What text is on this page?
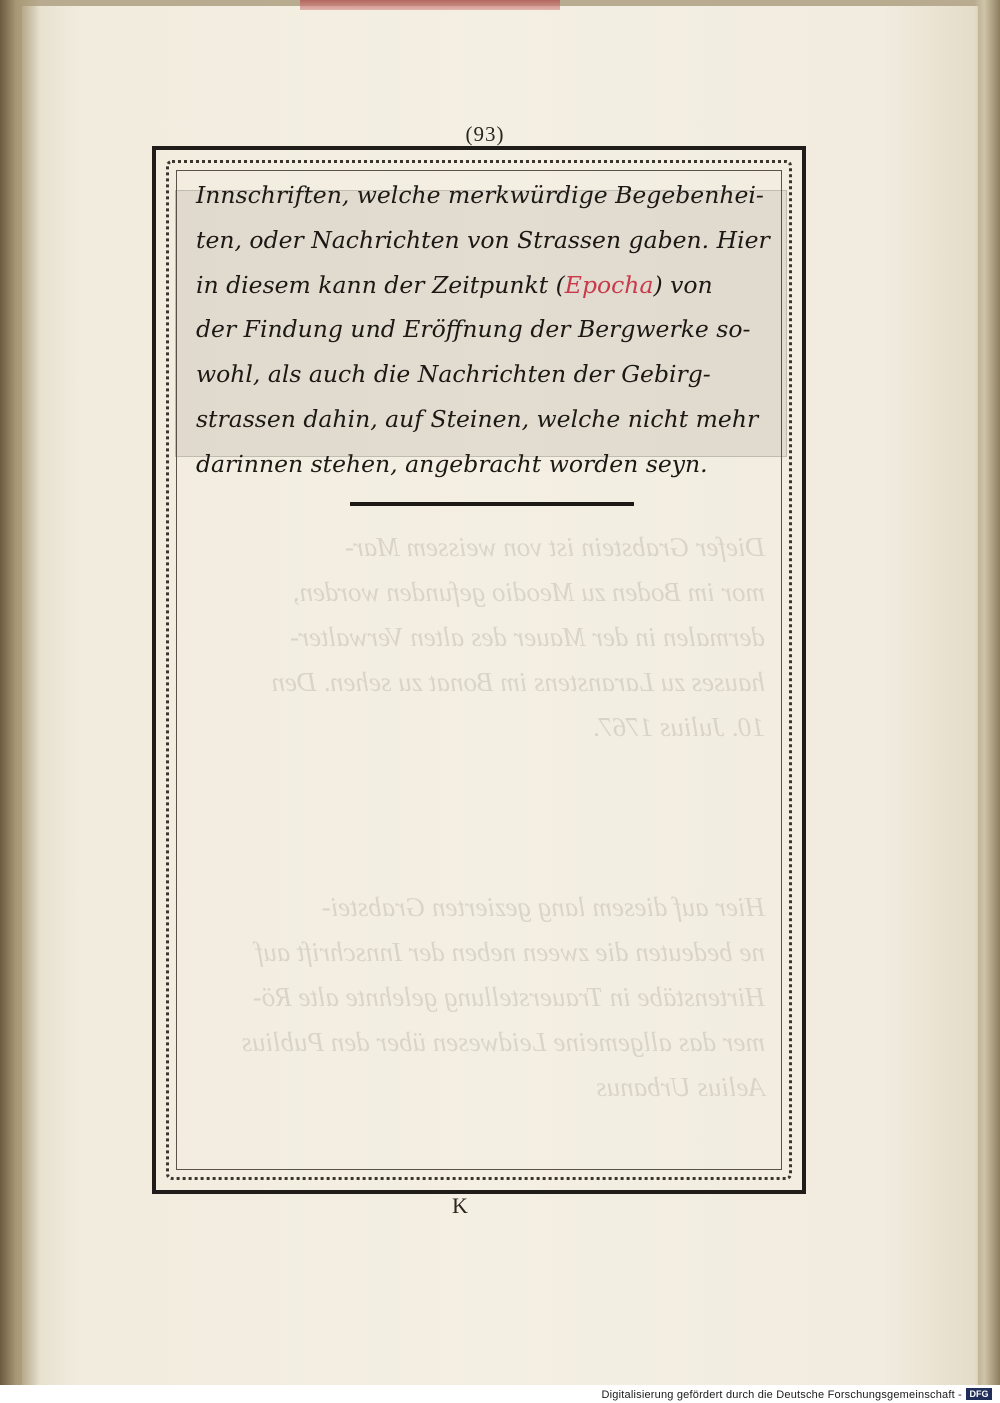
(93)
Diefer Grabstein ist von weissem Mar-
mor im Boden zu Meodio gefunden worden,
dermalen in der Mauer des alten Verwalter-
hauses zu Laranstens im Bonat zu sehen. Den
10. Julius 1767.

Hier auf diesem lang gezierten Grabstei-
ne bedeuten die zween neben der Innschrift auf
Hirtenstäbe in Trauerstellung gelehnte alte Rö-
mer das allgemeine Leidwesen über den Publius
Aelius Urbanus
Innschriften, welche merkwürdige Begebenhei-
ten, oder Nachrichten von Strassen gaben. Hier
in diesem kann der Zeitpunkt (Epocha) von
der Findung und Eröffnung der Bergwerke so-
wohl, als auch die Nachrichten der Gebirg-
strassen dahin, auf Steinen, welche nicht mehr
darinnen stehen, angebracht worden seyn.
K
Digitalisierung gefördert durch die Deutsche Forschungsgemeinschaft - DFG
